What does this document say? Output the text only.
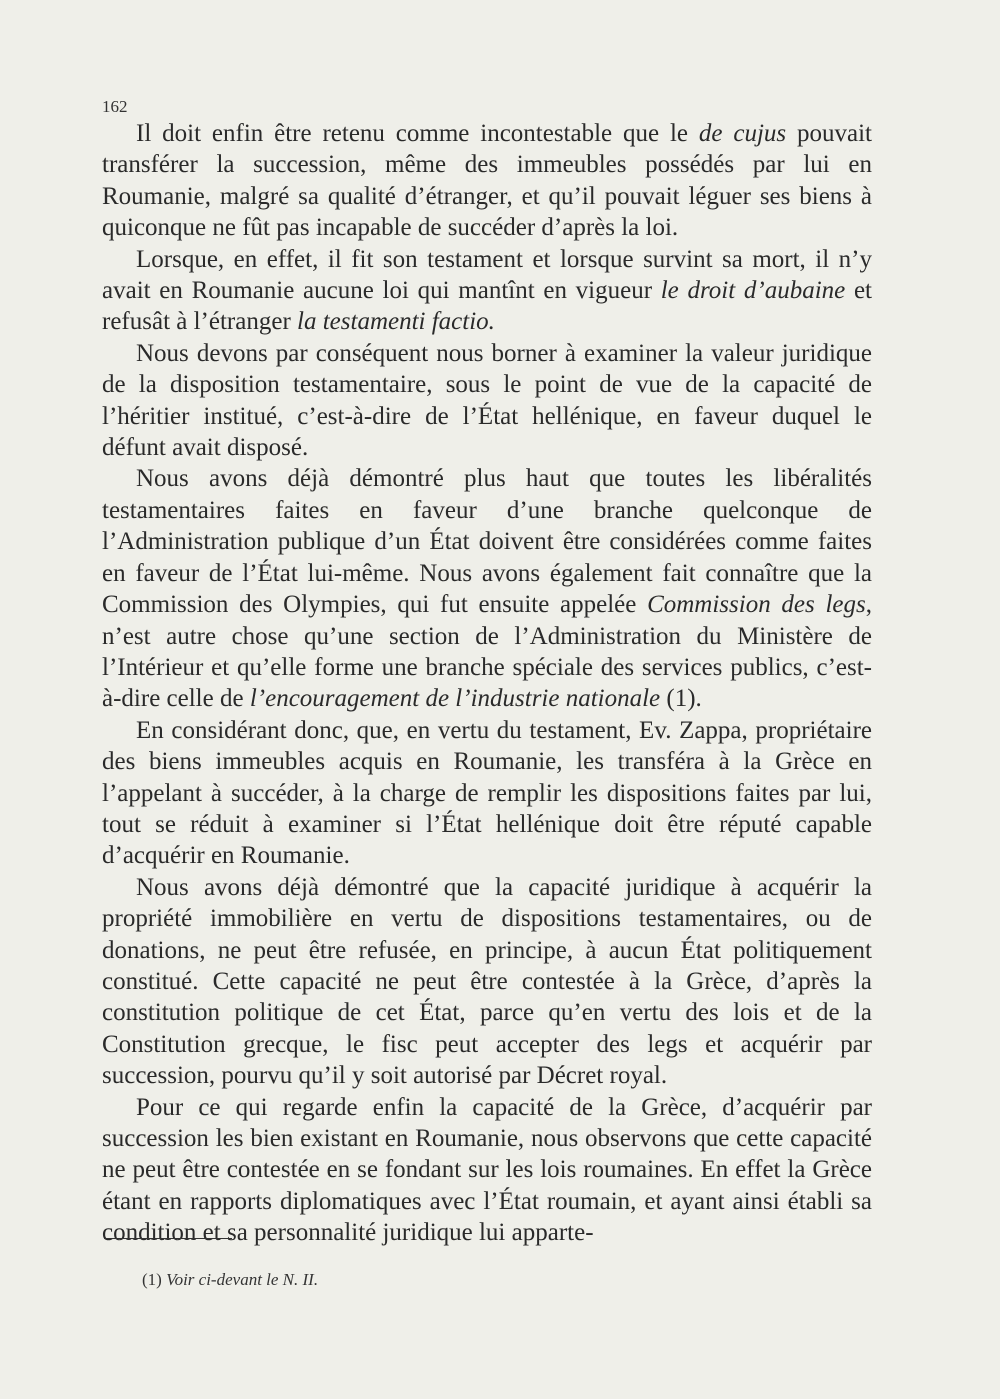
162

Il doit enfin être retenu comme incontestable que le de cujus pouvait transférer la succession, même des immeubles possédés par lui en Roumanie, malgré sa qualité d’étranger, et qu’il pouvait léguer ses biens à quiconque ne fût pas incapable de succéder d’après la loi.

Lorsque, en effet, il fit son testament et lorsque survint sa mort, il n’y avait en Roumanie aucune loi qui mantînt en vigueur le droit d’aubaine et refusât à l’étranger la testamenti factio.

Nous devons par conséquent nous borner à examiner la valeur juridique de la disposition testamentaire, sous le point de vue de la capacité de l’héritier institué, c’est-à-dire de l’État hellénique, en faveur duquel le défunt avait disposé.

Nous avons déjà démontré plus haut que toutes les libéralités testamentaires faites en faveur d’une branche quelconque de l’Administration publique d’un État doivent être considérées comme faites en faveur de l’État lui-même. Nous avons également fait connaître que la Commission des Olympies, qui fut ensuite appelée Commission des legs, n’est autre chose qu’une section de l’Administration du Ministère de l’Intérieur et qu’elle forme une branche spéciale des services publics, c’est-à-dire celle de l’encouragement de l’industrie nationale (1).

En considérant donc, que, en vertu du testament, Ev. Zappa, propriétaire des biens immeubles acquis en Roumanie, les transféra à la Grèce en l’appelant à succéder, à la charge de remplir les dispositions faites par lui, tout se réduit à examiner si l’État hellénique doit être réputé capable d’acquérir en Roumanie.

Nous avons déjà démontré que la capacité juridique à acquérir la propriété immobilière en vertu de dispositions testamentaires, ou de donations, ne peut être refusée, en principe, à aucun État politiquement constitué. Cette capacité ne peut être contestée à la Grèce, d’après la constitution politique de cet État, parce qu’en vertu des lois et de la Constitution grecque, le fisc peut accepter des legs et acquérir par succession, pourvu qu’il y soit autorisé par Décret royal.

Pour ce qui regarde enfin la capacité de la Grèce, d’acquérir par succession les bien existant en Roumanie, nous observons que cette capacité ne peut être contestée en se fondant sur les lois roumaines. En effet la Grèce étant en rapports diplomatiques avec l’État roumain, et ayant ainsi établi sa condition et sa personnalité juridique lui apparte-

(1) Voir ci-devant le N. II.
